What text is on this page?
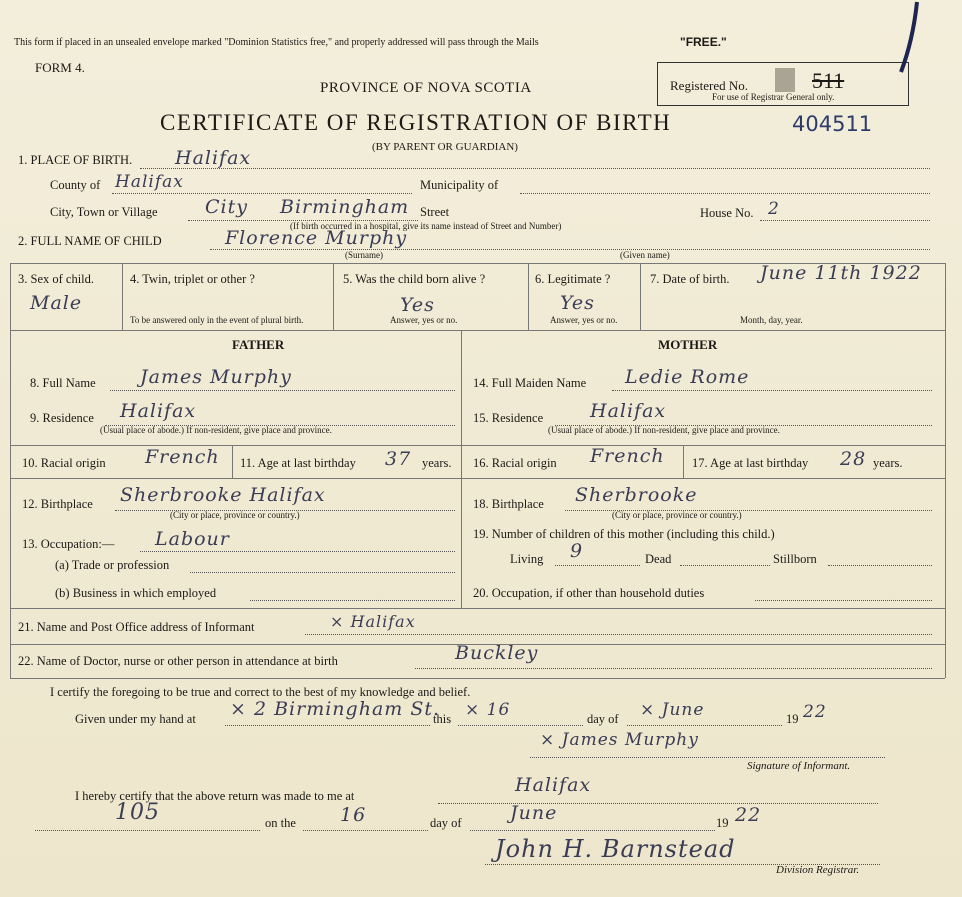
This form if placed in an unsealed envelope marked "Dominion Statistics free," and properly addressed will pass through the Mails	"FREE."
FORM 4.
PROVINCE OF NOVA SCOTIA	Registered No.	511
For use of Registrar General only.
CERTIFICATE OF REGISTRATION OF BIRTH	404511
(BY PARENT OR GUARDIAN)
1. PLACE OF BIRTH. Halifax
County of Halifax	Municipality of
City, Town or Village City Birmingham Street	House No. 2
(If birth occurred in a hospital, give its name instead of Street and Number)
2. FULL NAME OF CHILD	Florence Murphy
(Surname)	(Given name)
3. Sex of child.
Male
4. Twin, triplet or other ?
To be answered only in the event of plural birth.
5. Was the child born alive ?
Yes
Answer, yes or no.
6. Legitimate ?
Yes
Answer, yes or no.
7. Date of birth. June 11th 1922
Month, day, year.
FATHER	MOTHER
8. Full Name James Murphy
9. Residence Halifax
(Usual place of abode.) If non-resident, give place and province.
10. Racial origin French 11. Age at last birthday 37 years.
12. Birthplace Sherbrooke Halifax
(City or place, province or country.)
13. Occupation:— Labour
(a) Trade or profession
(b) Business in which employed
14. Full Maiden Name Ledie Rome
15. Residence Halifax
(Usual place of abode.) If non-resident, give place and province.
16. Racial origin French 17. Age at last birthday 28 years.
18. Birthplace Sherbrooke
(City or place, province or country.)
19. Number of children of this mother (including this child.)
Living 9	Dead	Stillborn
20. Occupation, if other than household duties
21. Name and Post Office address of Informant	× Halifax
22. Name of Doctor, nurse or other person in attendance at birth	Buckley
I certify the foregoing to be true and correct to the best of my knowledge and belief.
Given under my hand at × 2 Birmingham St.
this × 16	day of × June	19 22
× James Murphy
Signature of Informant.
I hereby certify that the above return was made to me at	Halifax
105	on the 16	day of	June	19 22
John H. Barnstead
Division Registrar.
